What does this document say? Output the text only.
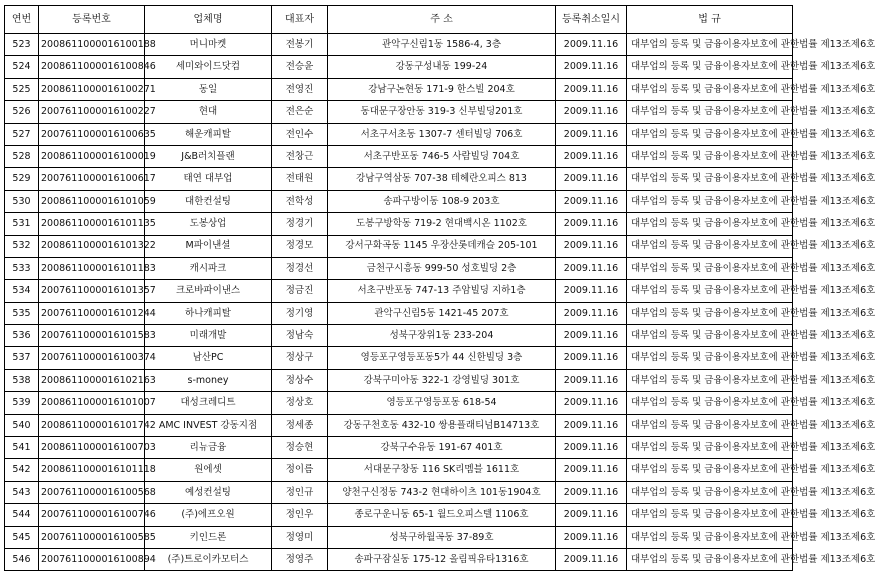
연번	등록번호	업체명	대표자	주 소	등록취소일시	법 규
523	2008611000016100188	머니마켓	전봉기	관악구신림1동 1586-4, 3층	2009.11.16	대부업의 등록 및 금융이용자보호에 관한법률 제13조제6호
524	2008611000016100846	세미와이드닷컴	전승윤	강동구성내동 199-24	2009.11.16	대부업의 등록 및 금융이용자보호에 관한법률 제13조제6호
525	2008611000016100271	동일	전영진	강남구논현동 171-9 한스빌 204호	2009.11.16	대부업의 등록 및 금융이용자보호에 관한법률 제13조제6호
526	2007611000016100227	현대	전은순	동대문구장안동 319-3 신부빌딩201호	2009.11.16	대부업의 등록 및 금융이용자보호에 관한법률 제13조제6호
527	2007611000016100635	해운캐피탈	전인수	서초구서초동 1307-7 센터빌딩 706호	2009.11.16	대부업의 등록 및 금융이용자보호에 관한법률 제13조제6호
528	2008611000016100019	J&B러치플랜	전창근	서초구반포동 746-5 사람빌딩 704호	2009.11.16	대부업의 등록 및 금융이용자보호에 관한법률 제13조제6호
529	2007611000016100617	태연 대부업	전태원	강남구역삼동 707-38 테헤란오피스 813	2009.11.16	대부업의 등록 및 금융이용자보호에 관한법률 제13조제6호
530	2008611000016101059	대한컨설팅	전학성	송파구방이동 108-9 203호	2009.11.16	대부업의 등록 및 금융이용자보호에 관한법률 제13조제6호
531	2008611000016101135	도봉상업	정경기	도봉구방학동 719-2 현대백시온 1102호	2009.11.16	대부업의 등록 및 금융이용자보호에 관한법률 제13조제6호
532	2008611000016101322	M파이낸셜	정경모	강서구화곡동 1145 우장산롯데캐슬 205-101	2009.11.16	대부업의 등록 및 금융이용자보호에 관한법률 제13조제6호
533	2008611000016101183	캐시파크	정경선	금천구시흥동 999-50 성호빌딩 2층	2009.11.16	대부업의 등록 및 금융이용자보호에 관한법률 제13조제6호
534	2007611000016101357	크로바파이낸스	정금진	서초구반포동 747-13 주암빌딩 지하1층	2009.11.16	대부업의 등록 및 금융이용자보호에 관한법률 제13조제6호
535	2007611000016101244	하나캐피탈	정기영	관악구신림5동 1421-45 207호	2009.11.16	대부업의 등록 및 금융이용자보호에 관한법률 제13조제6호
536	2007611000016101583	미래개발	정남숙	성북구장위1동 233-204	2009.11.16	대부업의 등록 및 금융이용자보호에 관한법률 제13조제6호
537	2007611000016100374	남산PC	정상구	영등포구영등포동5가 44 신한빌딩 3층	2009.11.16	대부업의 등록 및 금융이용자보호에 관한법률 제13조제6호
538	2008611000016102163	s-money	정상수	강북구미아동 322-1 강영빌딩 301호	2009.11.16	대부업의 등록 및 금융이용자보호에 관한법률 제13조제6호
539	2008611000016101007	대성크레디트	정상호	영등포구영등포동 618-54	2009.11.16	대부업의 등록 및 금융이용자보호에 관한법률 제13조제6호
540	2008611000016101742	AMC INVEST 강동지점	정세종	강동구천호동 432-10 쌍용플래티넘B14713호	2009.11.16	대부업의 등록 및 금융이용자보호에 관한법률 제13조제6호
541	2008611000016100703	리뉴금융	정승현	강북구수유동 191-67 401호	2009.11.16	대부업의 등록 및 금융이용자보호에 관한법률 제13조제6호
542	2008611000016101118	원에셋	정이름	서대문구창동 116 SK리멤블 1611호	2009.11.16	대부업의 등록 및 금융이용자보호에 관한법률 제13조제6호
543	2007611000016100568	예성컨설팅	정인규	양천구신정동 743-2 현대하이츠 101동1904호	2009.11.16	대부업의 등록 및 금융이용자보호에 관한법률 제13조제6호
544	2007611000016100746	(주)에프오원	정인우	종로구운니동 65-1 월드오피스텔 1106호	2009.11.16	대부업의 등록 및 금융이용자보호에 관한법률 제13조제6호
545	2007611000016100585	키인드론	정영미	성북구하월곡동 37-89호	2009.11.16	대부업의 등록 및 금융이용자보호에 관한법률 제13조제6호
546	2007611000016100894	(주)트로이카모터스	정영주	송파구잠실동 175-12 올림픽유타1316호	2009.11.16	대부업의 등록 및 금융이용자보호에 관한법률 제13조제6호
